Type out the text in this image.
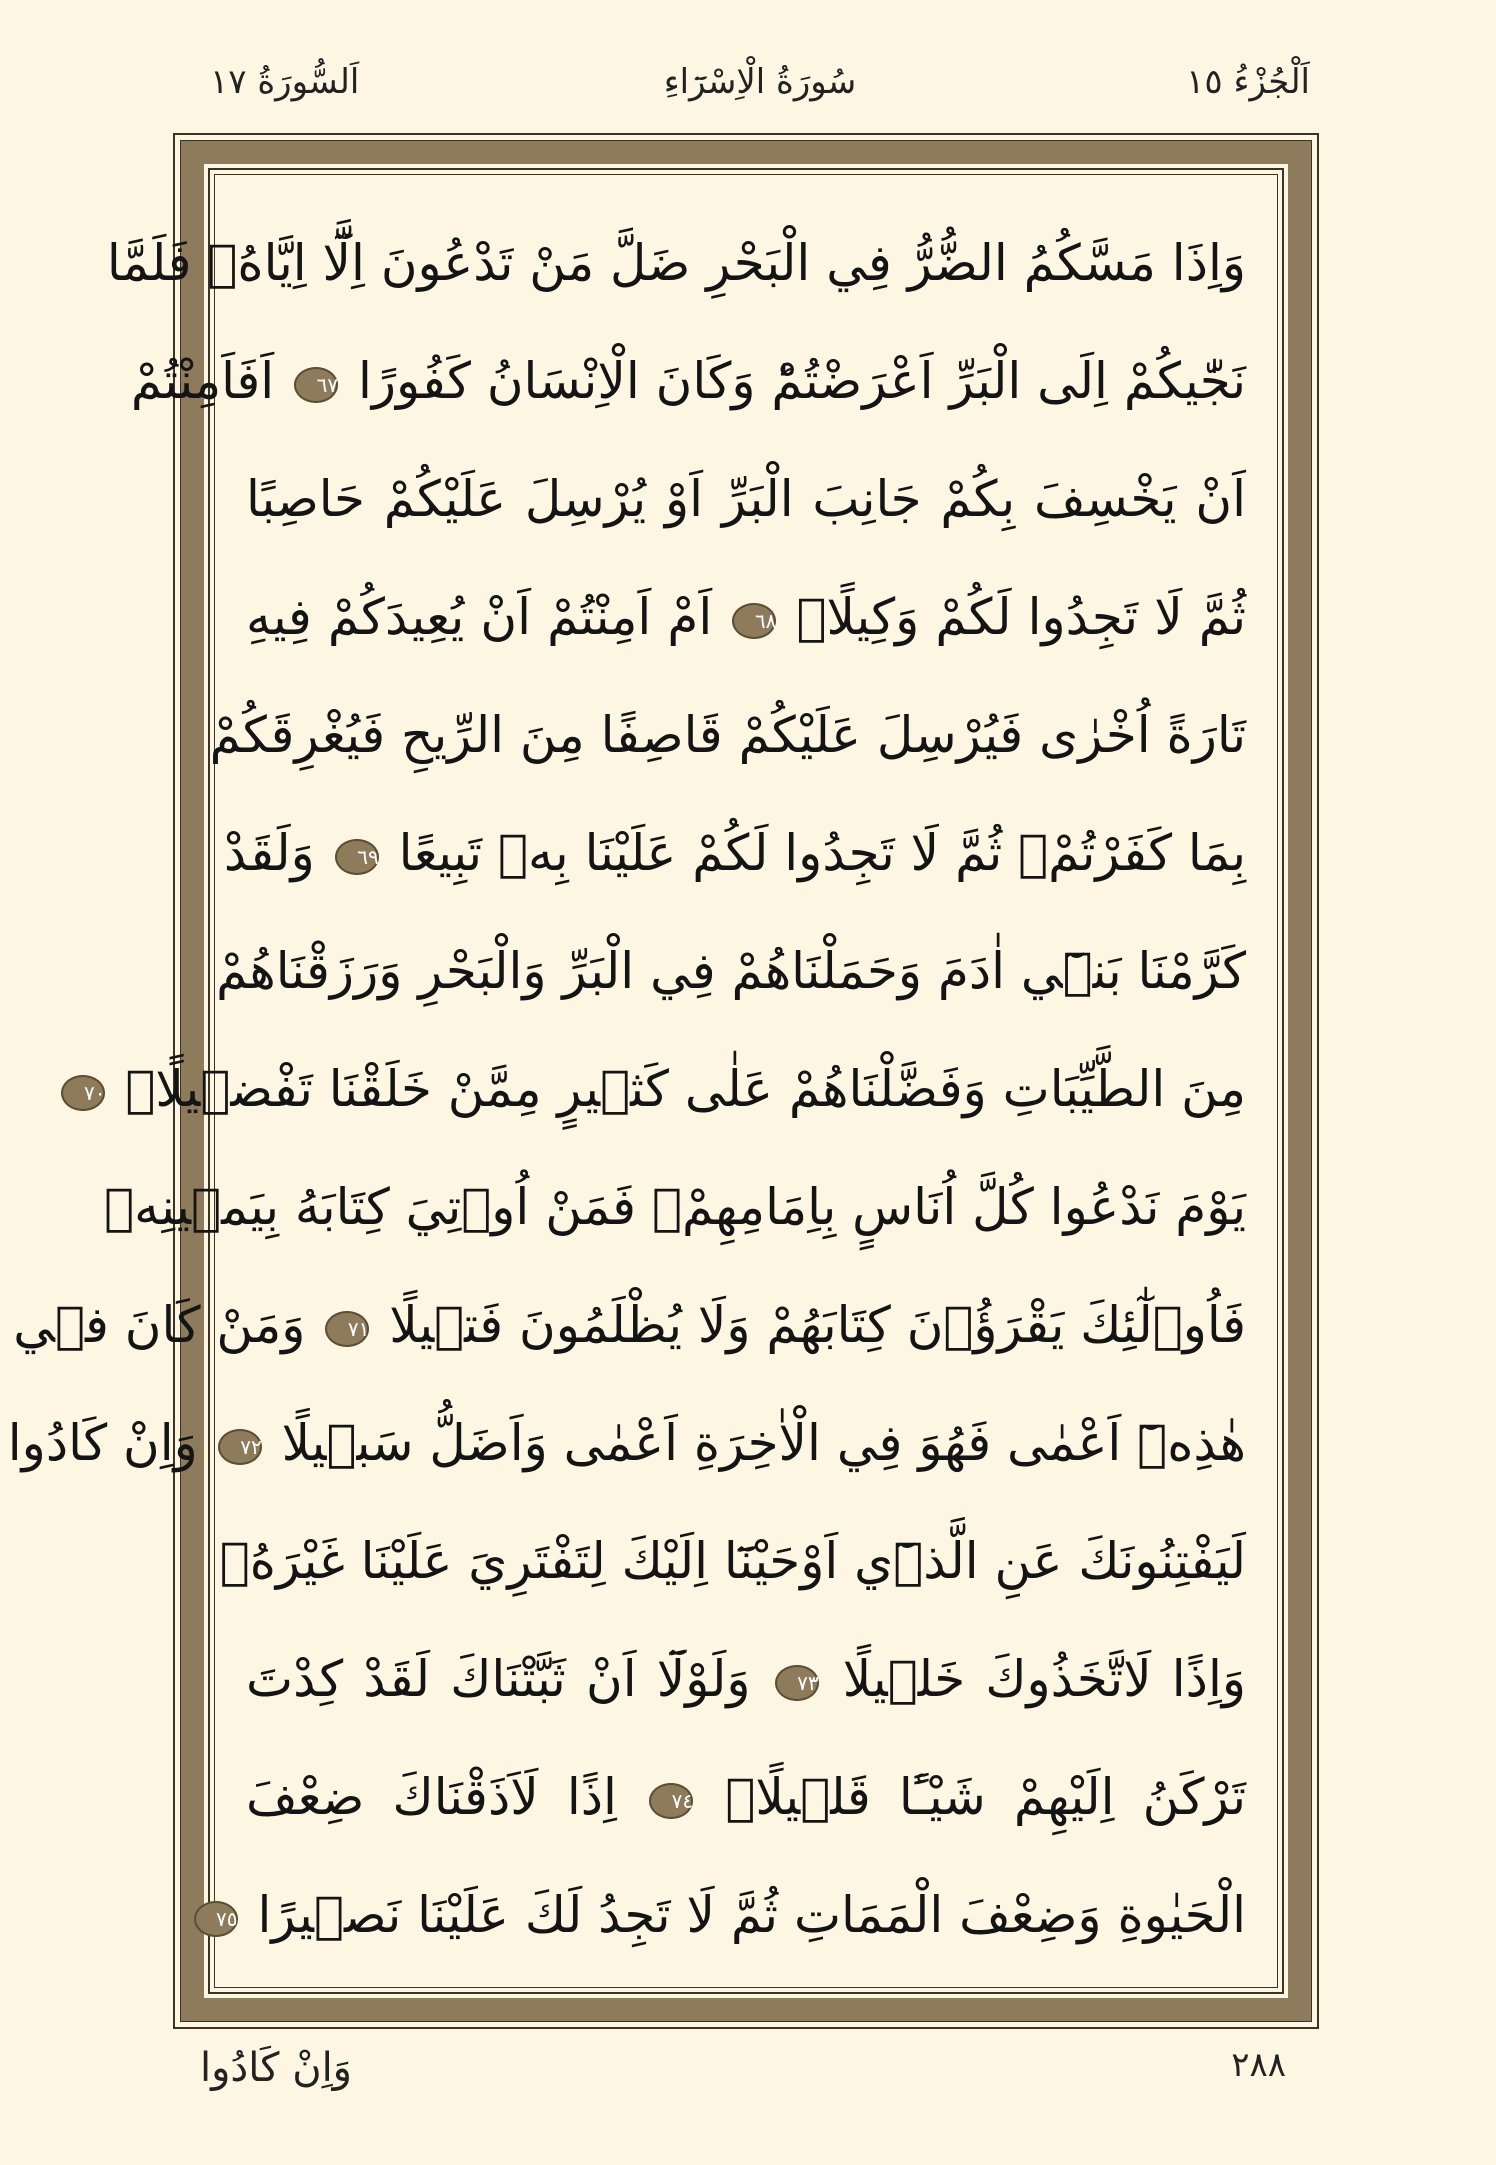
اَلْجُزْءُ ١٥
سُورَةُ الْاِسْرَٓاءِ
اَلسُّورَةُ ١٧
وَاِذَا مَسَّكُمُ الضُّرُّ فِي الْبَحْرِ ضَلَّ مَنْ تَدْعُونَ اِلَّٓا اِيَّاهُۚ فَلَمَّا
نَجّٰيكُمْ اِلَى الْبَرِّ اَعْرَضْتُمْؕ وَكَانَ الْاِنْسَانُ كَفُورًا ٦٧ اَفَاَمِنْتُمْ
اَنْ يَخْسِفَ بِكُمْ جَانِبَ الْبَرِّ اَوْ يُرْسِلَ عَلَيْكُمْ حَاصِبًا
ثُمَّ لَا تَجِدُوا لَكُمْ وَكِيلًاۙ ٦٨ اَمْ اَمِنْتُمْ اَنْ يُعِيدَكُمْ فِيهِ
تَارَةً اُخْرٰى فَيُرْسِلَ عَلَيْكُمْ قَاصِفًا مِنَ الرِّيحِ فَيُغْرِقَكُمْ
بِمَا كَفَرْتُمْۙ ثُمَّ لَا تَجِدُوا لَكُمْ عَلَيْنَا بِهٖ تَبِيعًا ٦٩ وَلَقَدْ
كَرَّمْنَا بَنٖٓي اٰدَمَ وَحَمَلْنَاهُمْ فِي الْبَرِّ وَالْبَحْرِ وَرَزَقْنَاهُمْ
مِنَ الطَّيِّبَاتِ وَفَضَّلْنَاهُمْ عَلٰى كَثٖيرٍ مِمَّنْ خَلَقْنَا تَفْضٖيلًاࣖ ٧٠
يَوْمَ نَدْعُوا كُلَّ اُنَاسٍ بِاِمَامِهِمْۚ فَمَنْ اُو۫تِيَ كِتَابَهُ بِيَمٖينِهٖ
فَاُو۬لٰٓئِكَ يَقْرَؤُ۫نَ كِتَابَهُمْ وَلَا يُظْلَمُونَ فَتٖيلًا ٧١ وَمَنْ كَانَ فٖي
هٰذِهٖٓ اَعْمٰى فَهُوَ فِي الْاٰخِرَةِ اَعْمٰى وَاَضَلُّ سَبٖيلًا ٧٢ وَاِنْ كَادُوا
لَيَفْتِنُونَكَ عَنِ الَّذٖٓي اَوْحَيْنَٓا اِلَيْكَ لِتَفْتَرِيَ عَلَيْنَا غَيْرَهُۗ
وَاِذًا لَاتَّخَذُوكَ خَلٖيلًا ٧٣ وَلَوْلَٓا اَنْ ثَبَّتْنَاكَ لَقَدْ كِدْتَ
تَرْكَنُ اِلَيْهِمْ شَيْـًٔا قَلٖيلًاۗ ٧٤ اِذًا لَاَذَقْنَاكَ ضِعْفَ
الْحَيٰوةِ وَضِعْفَ الْمَمَاتِ ثُمَّ لَا تَجِدُ لَكَ عَلَيْنَا نَصٖيرًا ٧٥
وَاِنْ كَادُوا	٢٨٨
